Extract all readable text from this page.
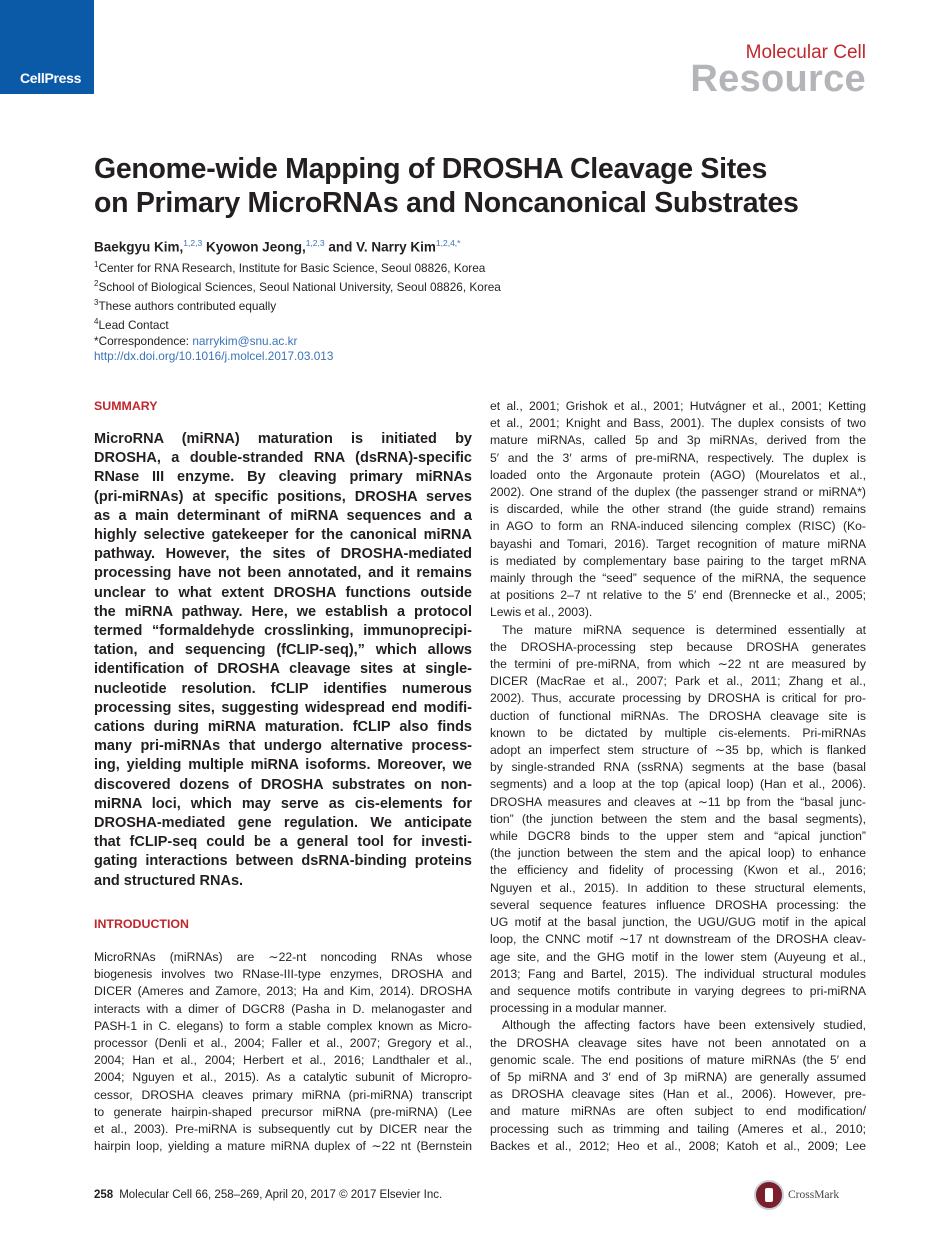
CellPress
Molecular Cell
Resource
Genome-wide Mapping of DROSHA Cleavage Sites
on Primary MicroRNAs and Noncanonical Substrates
Baekgyu Kim,$^{1,2,3}$ Kyowon Jeong,$^{1,2,3}$ and V. Narry Kim$^{1,2,4,*}$
$^1$Center for RNA Research, Institute for Basic Science, Seoul 08826, Korea
$^2$School of Biological Sciences, Seoul National University, Seoul 08826, Korea
$^3$These authors contributed equally
$^4$Lead Contact
*Correspondence: narrykim@snu.ac.kr
http://dx.doi.org/10.1016/j.molcel.2017.03.013
SUMMARY
MicroRNA (miRNA) maturation is initiated by
DROSHA, a double-stranded RNA (dsRNA)-specific
RNase III enzyme. By cleaving primary miRNAs
(pri-miRNAs) at specific positions, DROSHA serves
as a main determinant of miRNA sequences and a
highly selective gatekeeper for the canonical miRNA
pathway. However, the sites of DROSHA-mediated
processing have not been annotated, and it remains
unclear to what extent DROSHA functions outside
the miRNA pathway. Here, we establish a protocol
termed “formaldehyde crosslinking, immunoprecipi-
tation, and sequencing (fCLIP-seq),” which allows
identification of DROSHA cleavage sites at single-
nucleotide resolution. fCLIP identifies numerous
processing sites, suggesting widespread end modifi-
cations during miRNA maturation. fCLIP also finds
many pri-miRNAs that undergo alternative process-
ing, yielding multiple miRNA isoforms. Moreover, we
discovered dozens of DROSHA substrates on non-
miRNA loci, which may serve as cis-elements for
DROSHA-mediated gene regulation. We anticipate
that fCLIP-seq could be a general tool for investi-
gating interactions between dsRNA-binding proteins
and structured RNAs.
INTRODUCTION
MicroRNAs (miRNAs) are ∼22-nt noncoding RNAs whose
biogenesis involves two RNase-III-type enzymes, DROSHA and
DICER (Ameres and Zamore, 2013; Ha and Kim, 2014). DROSHA
interacts with a dimer of DGCR8 (Pasha in D. melanogaster and
PASH-1 in C. elegans) to form a stable complex known as Micro-
processor (Denli et al., 2004; Faller et al., 2007; Gregory et al.,
2004; Han et al., 2004; Herbert et al., 2016; Landthaler et al.,
2004; Nguyen et al., 2015). As a catalytic subunit of Micropro-
cessor, DROSHA cleaves primary miRNA (pri-miRNA) transcript
to generate hairpin-shaped precursor miRNA (pre-miRNA) (Lee
et al., 2003). Pre-miRNA is subsequently cut by DICER near the
hairpin loop, yielding a mature miRNA duplex of ∼22 nt (Bernstein
et al., 2001; Grishok et al., 2001; Hutvágner et al., 2001; Ketting
et al., 2001; Knight and Bass, 2001). The duplex consists of two
mature miRNAs, called 5p and 3p miRNAs, derived from the
5′ and the 3′ arms of pre-miRNA, respectively. The duplex is
loaded onto the Argonaute protein (AGO) (Mourelatos et al.,
2002). One strand of the duplex (the passenger strand or miRNA*)
is discarded, while the other strand (the guide strand) remains
in AGO to form an RNA-induced silencing complex (RISC) (Ko-
bayashi and Tomari, 2016). Target recognition of mature miRNA
is mediated by complementary base pairing to the target mRNA
mainly through the “seed” sequence of the miRNA, the sequence
at positions 2–7 nt relative to the 5′ end (Brennecke et al., 2005;
Lewis et al., 2003).
The mature miRNA sequence is determined essentially at
the DROSHA-processing step because DROSHA generates
the termini of pre-miRNA, from which ∼22 nt are measured by
DICER (MacRae et al., 2007; Park et al., 2011; Zhang et al.,
2002). Thus, accurate processing by DROSHA is critical for pro-
duction of functional miRNAs. The DROSHA cleavage site is
known to be dictated by multiple cis-elements. Pri-miRNAs
adopt an imperfect stem structure of ∼35 bp, which is flanked
by single-stranded RNA (ssRNA) segments at the base (basal
segments) and a loop at the top (apical loop) (Han et al., 2006).
DROSHA measures and cleaves at ∼11 bp from the “basal junc-
tion” (the junction between the stem and the basal segments),
while DGCR8 binds to the upper stem and “apical junction”
(the junction between the stem and the apical loop) to enhance
the efficiency and fidelity of processing (Kwon et al., 2016;
Nguyen et al., 2015). In addition to these structural elements,
several sequence features influence DROSHA processing: the
UG motif at the basal junction, the UGU/GUG motif in the apical
loop, the CNNC motif ∼17 nt downstream of the DROSHA cleav-
age site, and the GHG motif in the lower stem (Auyeung et al.,
2013; Fang and Bartel, 2015). The individual structural modules
and sequence motifs contribute in varying degrees to pri-miRNA
processing in a modular manner.
Although the affecting factors have been extensively studied,
the DROSHA cleavage sites have not been annotated on a
genomic scale. The end positions of mature miRNAs (the 5′ end
of 5p miRNA and 3′ end of 3p miRNA) are generally assumed
as DROSHA cleavage sites (Han et al., 2006). However, pre-
and mature miRNAs are often subject to end modification/
processing such as trimming and tailing (Ameres et al., 2010;
Backes et al., 2012; Heo et al., 2008; Katoh et al., 2009; Lee
258 Molecular Cell 66, 258–269, April 20, 2017 © 2017 Elsevier Inc.	CrossMark
